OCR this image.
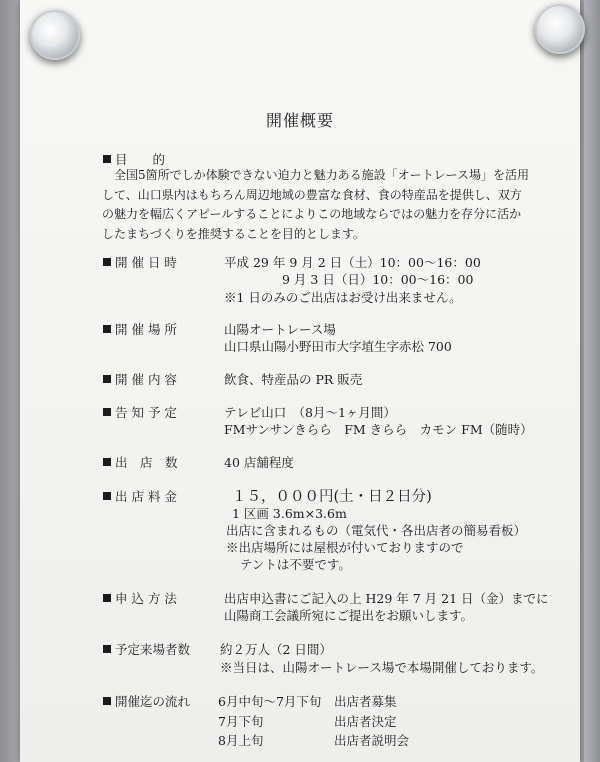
開催概要
目　　的
全国5箇所でしか体験できない迫力と魅力ある施設「オートレース場」を活用して、山口県内はもちろん周辺地域の豊富な食材、食の特産品を提供し、双方の魅力を幅広くアピールすることによりこの地域ならではの魅力を存分に活かしたまちづくりを推奨することを目的とします。
開 催 日 時	平成 29 年 9 月 2 日（土）10：00～16：00
9 月 3 日（日）10：00～16：00
※1 日のみのご出店はお受け出来ません。
開 催 場 所	山陽オートレース場
山口県山陽小野田市大字埴生字赤松 700
開 催 内 容	飲食、特産品の PR 販売
告 知 予 定	テレビ山口　（8月～1ヶ月間）
FMサンサンきらら　FM きらら　カモン FM（随時）
出　店　数	40 店舗程度
出 店 料 金	１５，０００円(土・日２日分)
1 区画 3.6m×3.6m
出店に含まれるもの（電気代・各出店者の簡易看板）
※出店場所には屋根が付いておりますので
テントは不要です。
申 込 方 法	出店申込書にご記入の上 H29 年 7 月 21 日（金）までに
山陽商工会議所宛にご提出をお願いします。
予定来場者数 約２万人（2 日間）
※当日は、山陽オートレース場で本場開催しております。
開催迄の流れ 6月中旬～7月下旬 出店者募集
7月下旬	出店者決定
8月上旬	出店者説明会
